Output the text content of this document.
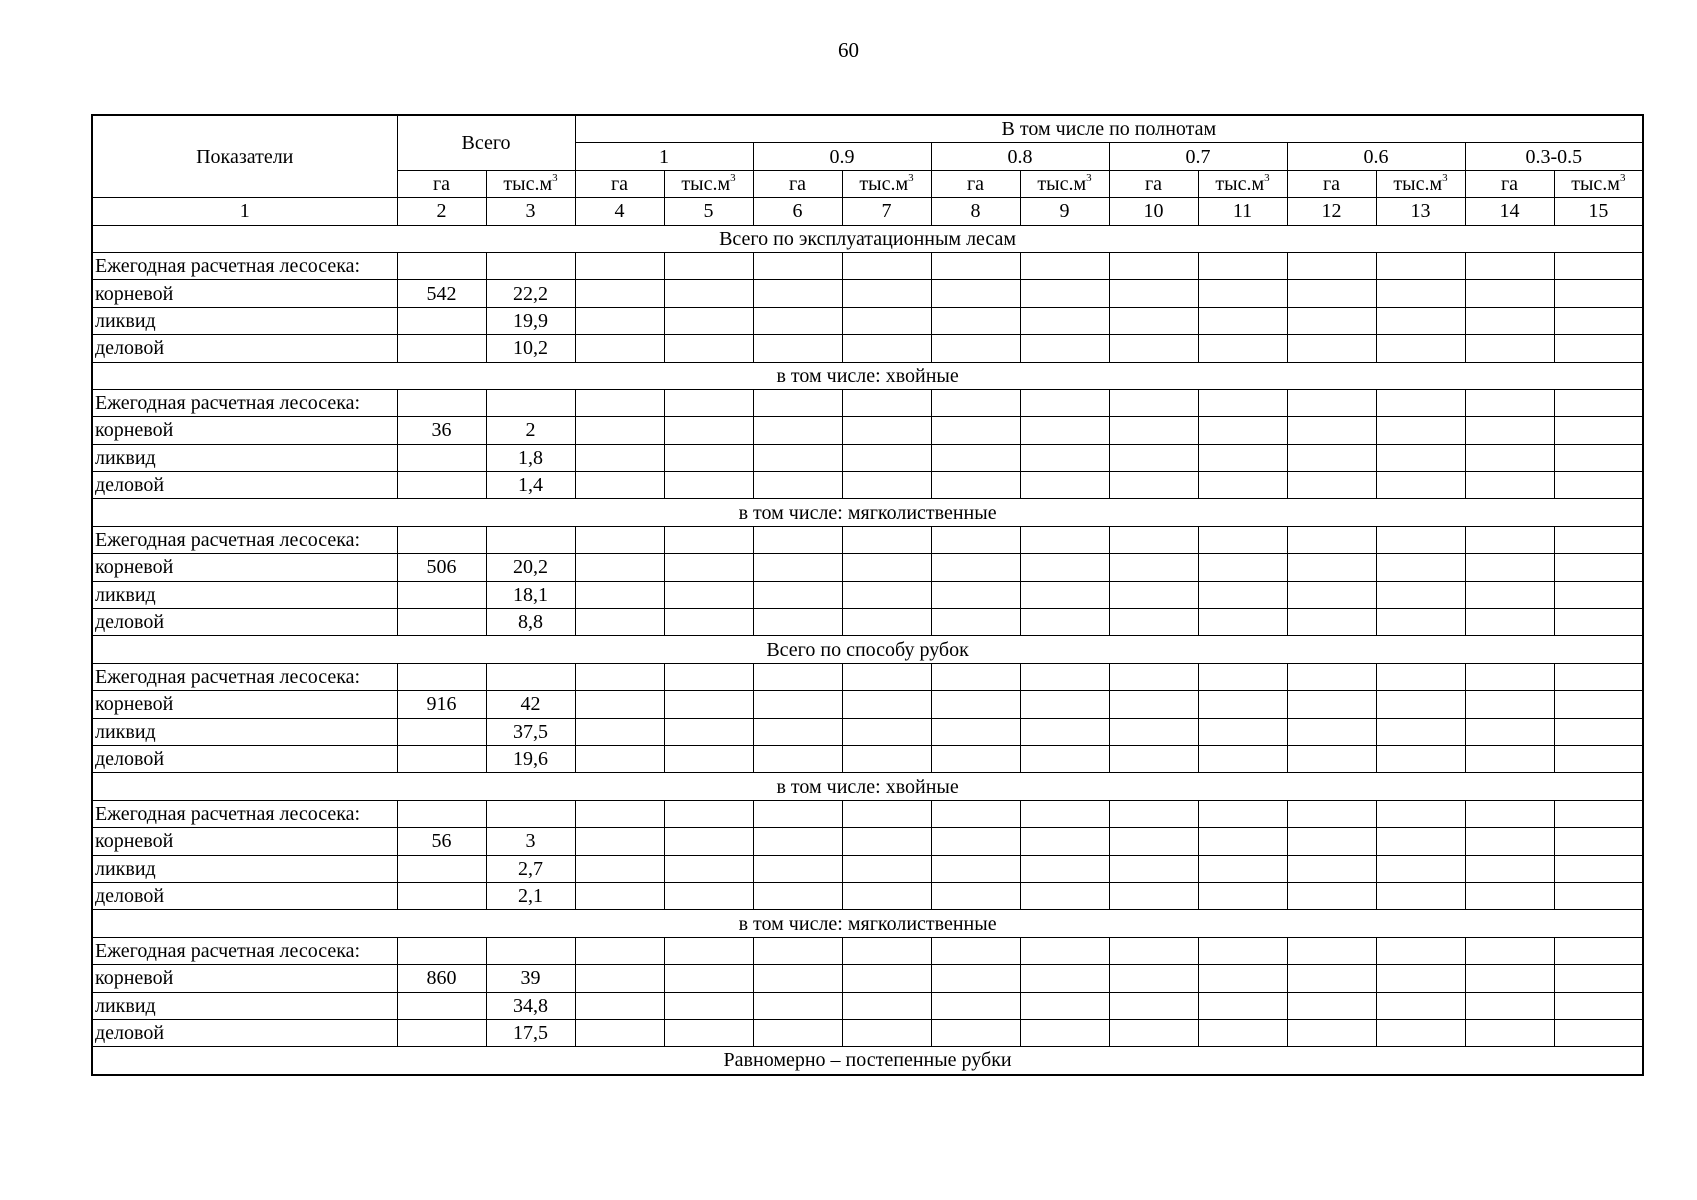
60
Показатели	Всего		В том числе по полнотам											
			1		0.9		0.8		0.7		0.6		0.3-0.5	
	га	$тыс.м^3$	га	$тыс.м^3$	га	$тыс.м^3$	га	$тыс.м^3$	га	$тыс.м^3$	га	$тыс.м^3$	га	$тыс.м^3$
1	2	3	4	5	6	7	8	9	10	11	12	13	14	15
Всего по эксплуатационным лесам														
Ежегодная расчетная лесосека:														
корневой	542	22,2												
ликвид		19,9												
деловой		10,2												
в том числе: хвойные														
Ежегодная расчетная лесосека:														
корневой	36	2												
ликвид		1,8												
деловой		1,4												
в том числе: мягколиственные														
Ежегодная расчетная лесосека:														
корневой	506	20,2												
ликвид		18,1												
деловой		8,8												
Всего по способу рубок														
Ежегодная расчетная лесосека:														
корневой	916	42												
ликвид		37,5												
деловой		19,6												
в том числе: хвойные														
Ежегодная расчетная лесосека:														
корневой	56	3												
ликвид		2,7												
деловой		2,1												
в том числе: мягколиственные														
Ежегодная расчетная лесосека:														
корневой	860	39												
ликвид		34,8												
деловой		17,5												
Равномерно – постепенные рубки														
